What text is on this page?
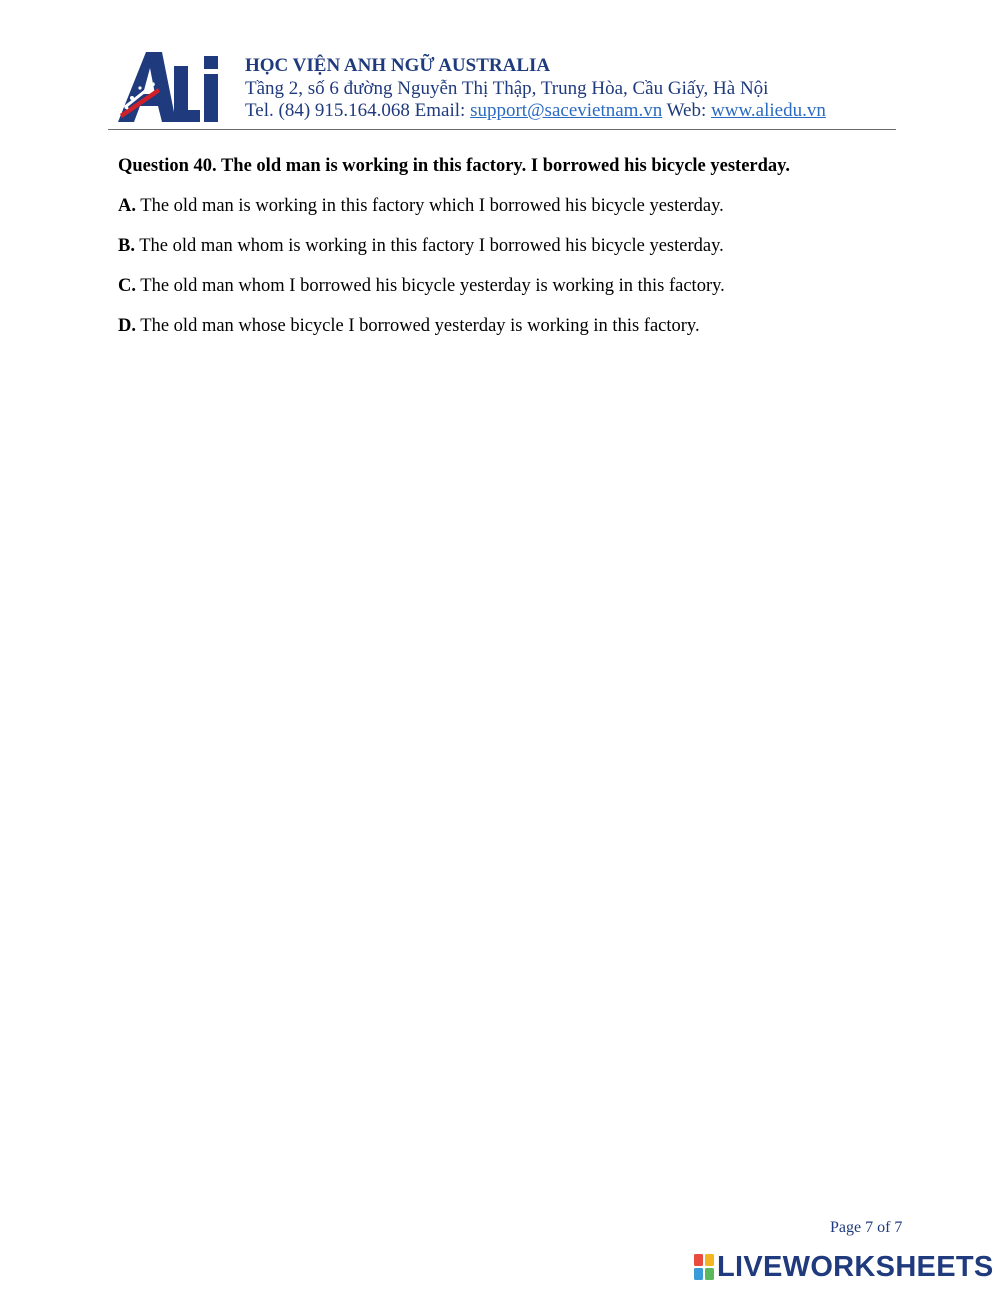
HỌC VIỆN ANH NGỮ AUSTRALIA
Tầng 2, số 6 đường Nguyễn Thị Thập, Trung Hòa, Cầu Giấy, Hà Nội
Tel. (84) 915.164.068 Email: support@sacevietnam.vn Web: www.aliedu.vn
Question 40. The old man is working in this factory. I borrowed his bicycle yesterday.
A. The old man is working in this factory which I borrowed his bicycle yesterday.
B. The old man whom is working in this factory I borrowed his bicycle yesterday.
C. The old man whom I borrowed his bicycle yesterday is working in this factory.
D. The old man whose bicycle I borrowed yesterday is working in this factory.
Page 7 of 7
LIVEWORKSHEETS
